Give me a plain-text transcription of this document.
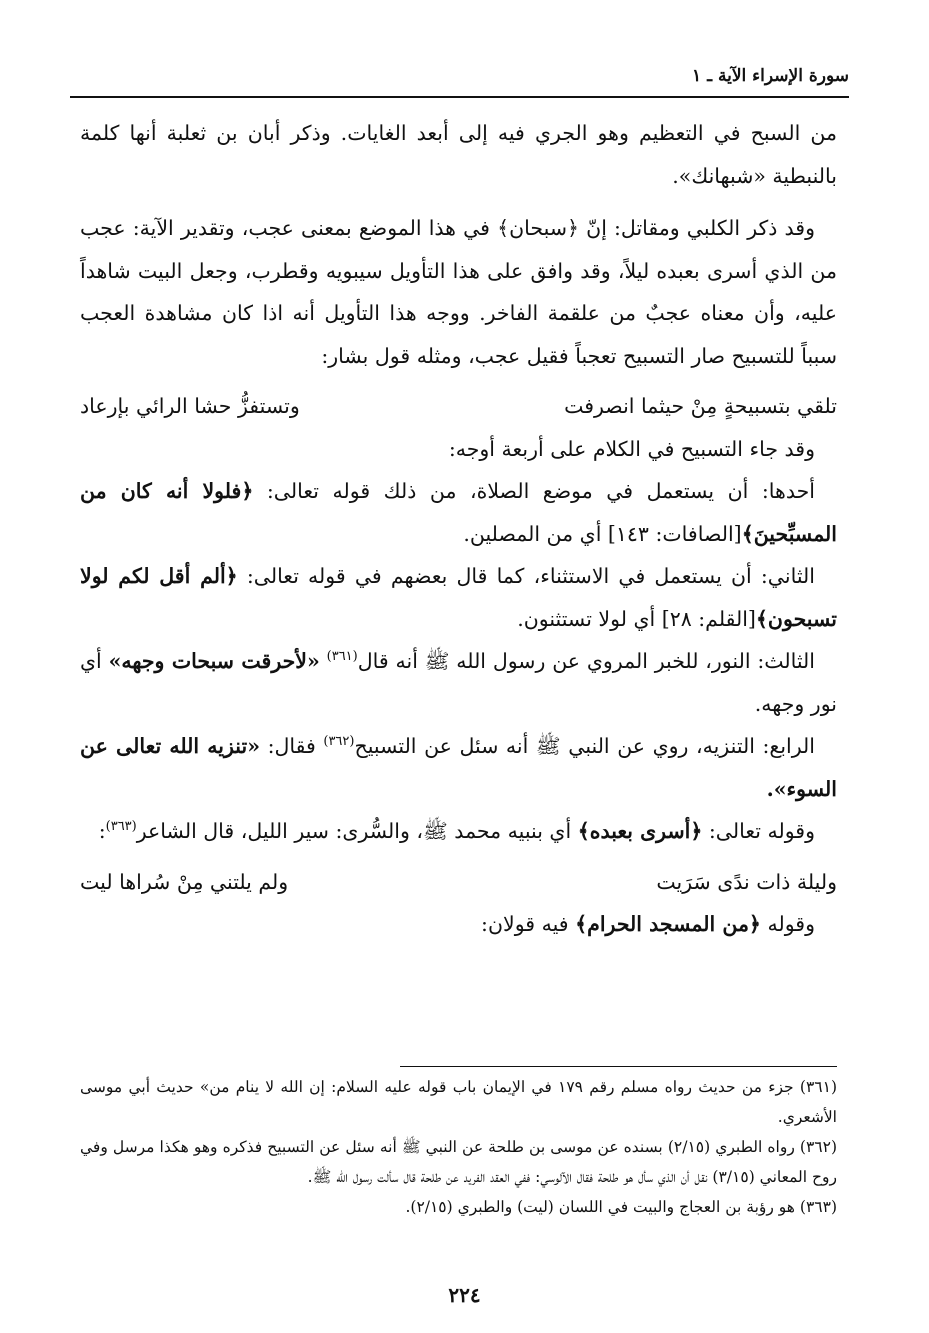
سورة الإسراء الآية ـ ١

من السبح في التعظيم وهو الجري فيه إلى أبعد الغايات. وذكر أبان بن ثعلبة أنها كلمة بالنبطية «شبهانك».

وقد ذكر الكلبي ومقاتل: إنّ ﴿سبحان﴾ في هذا الموضع بمعنى عجب، وتقدير الآية: عجب من الذي أسرى بعبده ليلاً، وقد وافق على هذا التأويل سيبويه وقطرب، وجعل البيت شاهداً عليه، وأن معناه عجبٌ من علقمة الفاخر. ووجه هذا التأويل أنه اذا كان مشاهدة العجب سبباً للتسبيح صار التسبيح تعجباً فقيل عجب، ومثله قول بشار:

تلقي بتسبيحةٍ مِنْ حيثما انصرفت
وتستفزُّ حشا الرائي بإرعاد

وقد جاء التسبيح في الكلام على أربعة أوجه:

أحدها: أن يستعمل في موضع الصلاة، من ذلك قوله تعالى: ﴿فلولا أنه كان من المسبِّحينَ﴾[الصافات: ١٤٣] أي من المصلين.

الثاني: أن يستعمل في الاستثناء، كما قال بعضهم في قوله تعالى: ﴿ألم أقل لكم لولا تسبحون﴾[القلم: ٢٨] أي لولا تستثنون.

الثالث: النور، للخبر المروي عن رسول الله ﷺ أنه قال$^{(٣٦١)}$ «لأحرقت سبحات وجهه» أي نور وجهه.

الرابع: التنزيه، روي عن النبي ﷺ أنه سئل عن التسبيح$^{(٣٦٢)}$ فقال: «تنزيه الله تعالى عن السوء».

وقوله تعالى: ﴿أسرى بعبده﴾ أي بنبيه محمد ﷺ، والسُّرى: سير الليل، قال الشاعر$^{(٣٦٣)}$:

وليلة ذات ندًى سَرَيت
ولم يلتني مِنْ سُراها ليت

وقوله ﴿من المسجد الحرام﴾ فيه قولان:

(٣٦١) جزء من حديث رواه مسلم رقم ١٧٩ في الإيمان باب قوله عليه السلام: إن الله لا ينام من» حديث أبي موسى الأشعري.

(٣٦٢) رواه الطبري (٢/١٥) بسنده عن موسى بن طلحة عن النبي ﷺ أنه سئل عن التسبيح فذكره وهو هكذا مرسل وفي روح المعاني (٣/١٥) نقل أن الذي سأل هو طلحة فقال الآلوسي: ففي العقد الفريد عن طلحة قال سألت رسول الله ﷺ.

(٣٦٣) هو رؤبة بن العجاج والبيت في اللسان (ليت) والطبري (٢/١٥).

٢٢٤
